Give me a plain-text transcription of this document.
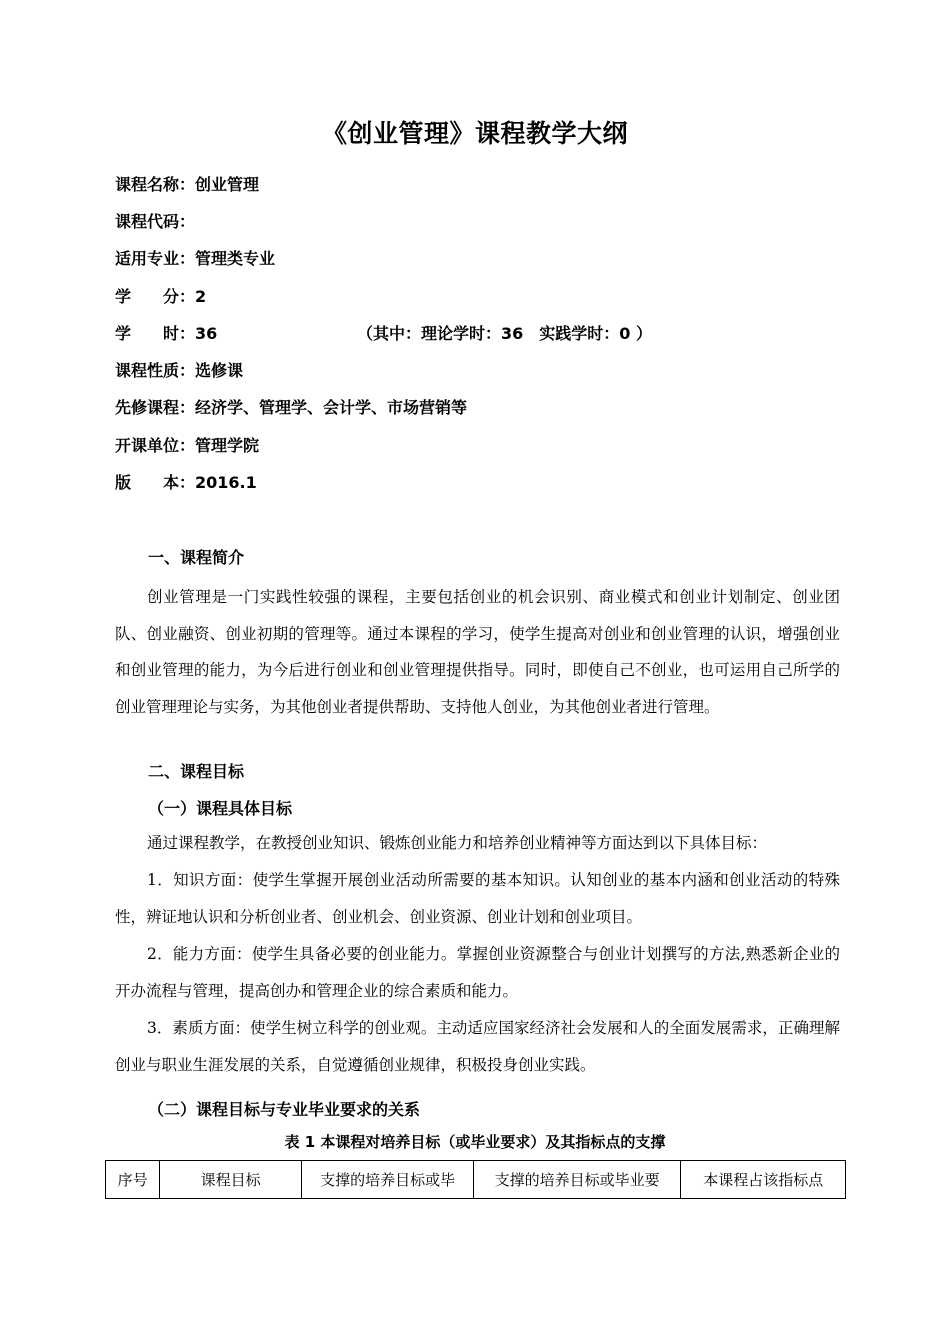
《创业管理》课程教学大纲
课程名称：创业管理
课程代码：
适用专业：管理类专业
学　　分：2
学　　时：36	（其中：理论学时：36　实践学时：0 ）
课程性质：选修课
先修课程：经济学、管理学、会计学、市场营销等
开课单位：管理学院
版　　本：2016.1
一、课程简介
创业管理是一门实践性较强的课程，主要包括创业的机会识别、商业模式和创业计划制定、创业团队、创业融资、创业初期的管理等。通过本课程的学习，使学生提高对创业和创业管理的认识，增强创业和创业管理的能力，为今后进行创业和创业管理提供指导。同时，即使自己不创业，也可运用自己所学的创业管理理论与实务，为其他创业者提供帮助、支持他人创业，为其他创业者进行管理。
二、课程目标
（一）课程具体目标
通过课程教学，在教授创业知识、锻炼创业能力和培养创业精神等方面达到以下具体目标：
1．知识方面：使学生掌握开展创业活动所需要的基本知识。认知创业的基本内涵和创业活动的特殊性，辨证地认识和分析创业者、创业机会、创业资源、创业计划和创业项目。
2．能力方面：使学生具备必要的创业能力。掌握创业资源整合与创业计划撰写的方法,熟悉新企业的开办流程与管理，提高创办和管理企业的综合素质和能力。
3．素质方面：使学生树立科学的创业观。主动适应国家经济社会发展和人的全面发展需求，正确理解创业与职业生涯发展的关系，自觉遵循创业规律，积极投身创业实践。
（二）课程目标与专业毕业要求的关系
表 1 本课程对培养目标（或毕业要求）及其指标点的支撑
序号	课程目标	支撑的培养目标或毕	支撑的培养目标或毕业要	本课程占该指标点
